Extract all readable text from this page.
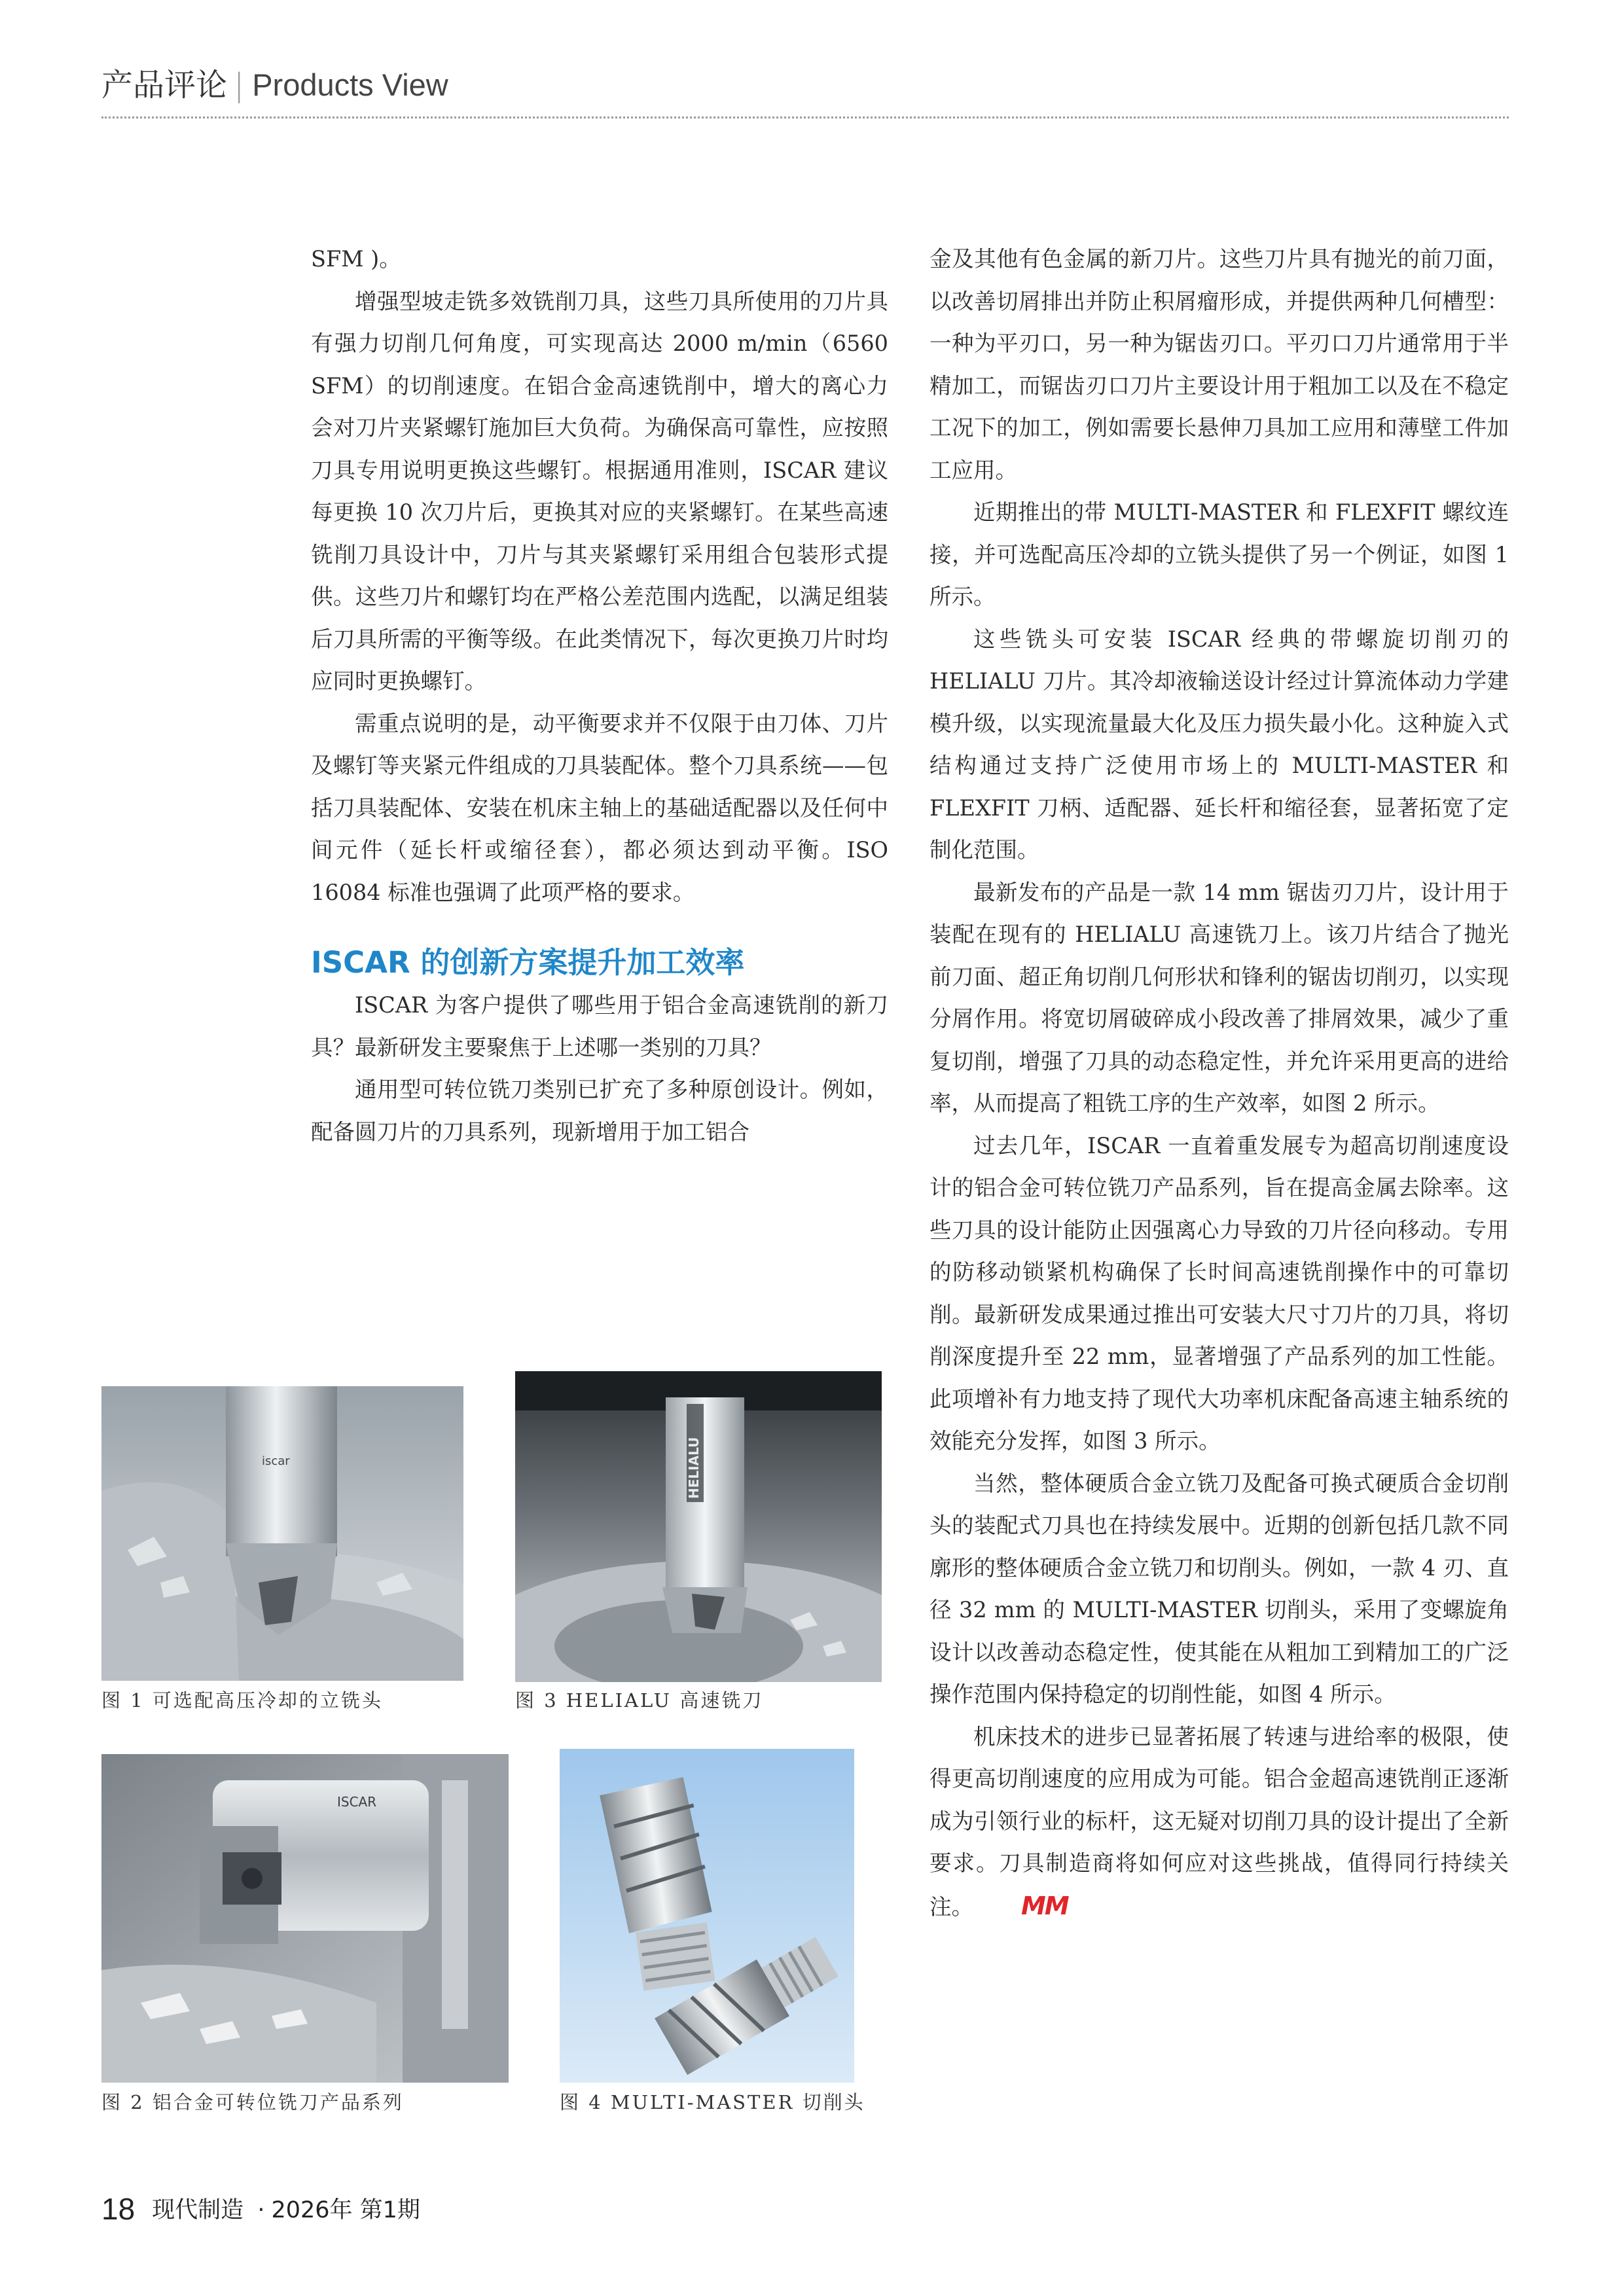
产品评论 | Products View

SFM )。

增强型坡走铣多效铣削刀具，这些刀具所使用的刀片具有强力切削几何角度，可实现高达 2000 m/min（6560 SFM）的切削速度。在铝合金高速铣削中，增大的离心力会对刀片夹紧螺钉施加巨大负荷。为确保高可靠性，应按照刀具专用说明更换这些螺钉。根据通用准则，ISCAR 建议每更换 10 次刀片后，更换其对应的夹紧螺钉。在某些高速铣削刀具设计中，刀片与其夹紧螺钉采用组合包装形式提供。这些刀片和螺钉均在严格公差范围内选配，以满足组装后刀具所需的平衡等级。在此类情况下，每次更换刀片时均应同时更换螺钉。

需重点说明的是，动平衡要求并不仅限于由刀体、刀片及螺钉等夹紧元件组成的刀具装配体。整个刀具系统——包括刀具装配体、安装在机床主轴上的基础适配器以及任何中间元件（延长杆或缩径套），都必须达到动平衡。ISO 16084 标准也强调了此项严格的要求。

ISCAR 的创新方案提升加工效率

ISCAR 为客户提供了哪些用于铝合金高速铣削的新刀具？最新研发主要聚焦于上述哪一类别的刀具？

通用型可转位铣刀类别已扩充了多种原创设计。例如，配备圆刀片的刀具系列，现新增用于加工铝合

金及其他有色金属的新刀片。这些刀片具有抛光的前刀面，以改善切屑排出并防止积屑瘤形成，并提供两种几何槽型：一种为平刃口，另一种为锯齿刃口。平刃口刀片通常用于半精加工，而锯齿刃口刀片主要设计用于粗加工以及在不稳定工况下的加工，例如需要长悬伸刀具加工应用和薄壁工件加工应用。

近期推出的带 MULTI-MASTER 和 FLEXFIT 螺纹连接，并可选配高压冷却的立铣头提供了另一个例证，如图 1 所示。

这些铣头可安装 ISCAR 经典的带螺旋切削刃的 HELIALU 刀片。其冷却液输送设计经过计算流体动力学建模升级，以实现流量最大化及压力损失最小化。这种旋入式结构通过支持广泛使用市场上的 MULTI-MASTER 和 FLEXFIT 刀柄、适配器、延长杆和缩径套，显著拓宽了定制化范围。

最新发布的产品是一款 14 mm 锯齿刃刀片，设计用于装配在现有的 HELIALU 高速铣刀上。该刀片结合了抛光前刀面、超正角切削几何形状和锋利的锯齿切削刃，以实现分屑作用。将宽切屑破碎成小段改善了排屑效果，减少了重复切削，增强了刀具的动态稳定性，并允许采用更高的进给率，从而提高了粗铣工序的生产效率，如图 2 所示。

过去几年，ISCAR 一直着重发展专为超高切削速度设计的铝合金可转位铣刀产品系列，旨在提高金属去除率。这些刀具的设计能防止因强离心力导致的刀片径向移动。专用的防移动锁紧机构确保了长时间高速铣削操作中的可靠切削。最新研发成果通过推出可安装大尺寸刀片的刀具，将切削深度提升至 22 mm，显著增强了产品系列的加工性能。此项增补有力地支持了现代大功率机床配备高速主轴系统的效能充分发挥，如图 3 所示。

当然，整体硬质合金立铣刀及配备可换式硬质合金切削头的装配式刀具也在持续发展中。近期的创新包括几款不同廓形的整体硬质合金立铣刀和切削头。例如，一款 4 刃、直径 32 mm 的 MULTI-MASTER 切削头，采用了变螺旋角设计以改善动态稳定性，使其能在从粗加工到精加工的广泛操作范围内保持稳定的切削性能，如图 4 所示。

机床技术的进步已显著拓展了转速与进给率的极限，使得更高切削速度的应用成为可能。铝合金超高速铣削正逐渐成为引领行业的标杆，这无疑对切削刀具的设计提出了全新要求。刀具制造商将如何应对这些挑战，值得同行持续关注。 MM

iscar
图 1 可选配高压冷却的立铣头
HELIALU
图 3 HELIALU 高速铣刀
ISCAR
图 2 铝合金可转位铣刀产品系列	图 4 MULTI-MASTER 切削头
18 现代制造 · 2026年 第1期
